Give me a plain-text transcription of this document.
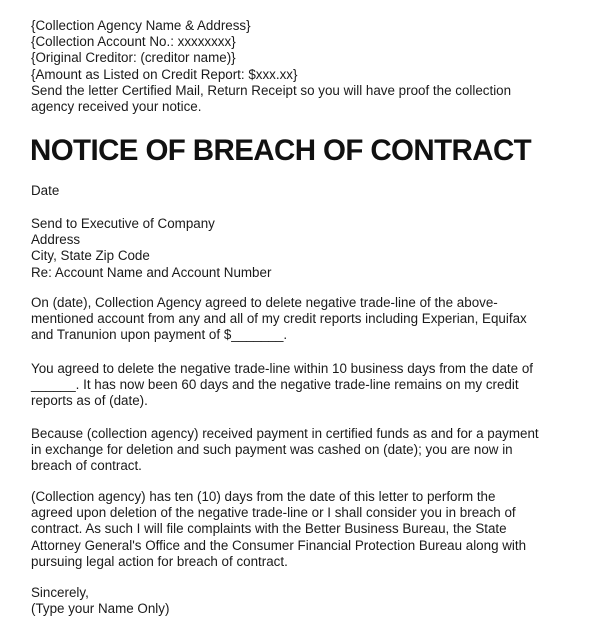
{Collection Agency Name & Address}
{Collection Account No.: xxxxxxxx}
{Original Creditor: (creditor name)}
{Amount as Listed on Credit Report: $xxx.xx}
Send the letter Certified Mail, Return Receipt so you will have proof the collection
agency received your notice.
NOTICE OF BREACH OF CONTRACT
Date
Send to Executive of Company
Address
City, State Zip Code
Re: Account Name and Account Number
On (date), Collection Agency agreed to delete negative trade-line of the above-
mentioned account from any and all of my credit reports including Experian, Equifax
and Tranunion upon payment of $_______.
You agreed to delete the negative trade-line within 10 business days from the date of
______. It has now been 60 days and the negative trade-line remains on my credit
reports as of (date).
Because (collection agency) received payment in certified funds as and for a payment
in exchange for deletion and such payment was cashed on (date); you are now in
breach of contract.
(Collection agency) has ten (10) days from the date of this letter to perform the
agreed upon deletion of the negative trade-line or I shall consider you in breach of
contract. As such I will file complaints with the Better Business Bureau, the State
Attorney General's Office and the Consumer Financial Protection Bureau along with
pursuing legal action for breach of contract.
Sincerely,
(Type your Name Only)
